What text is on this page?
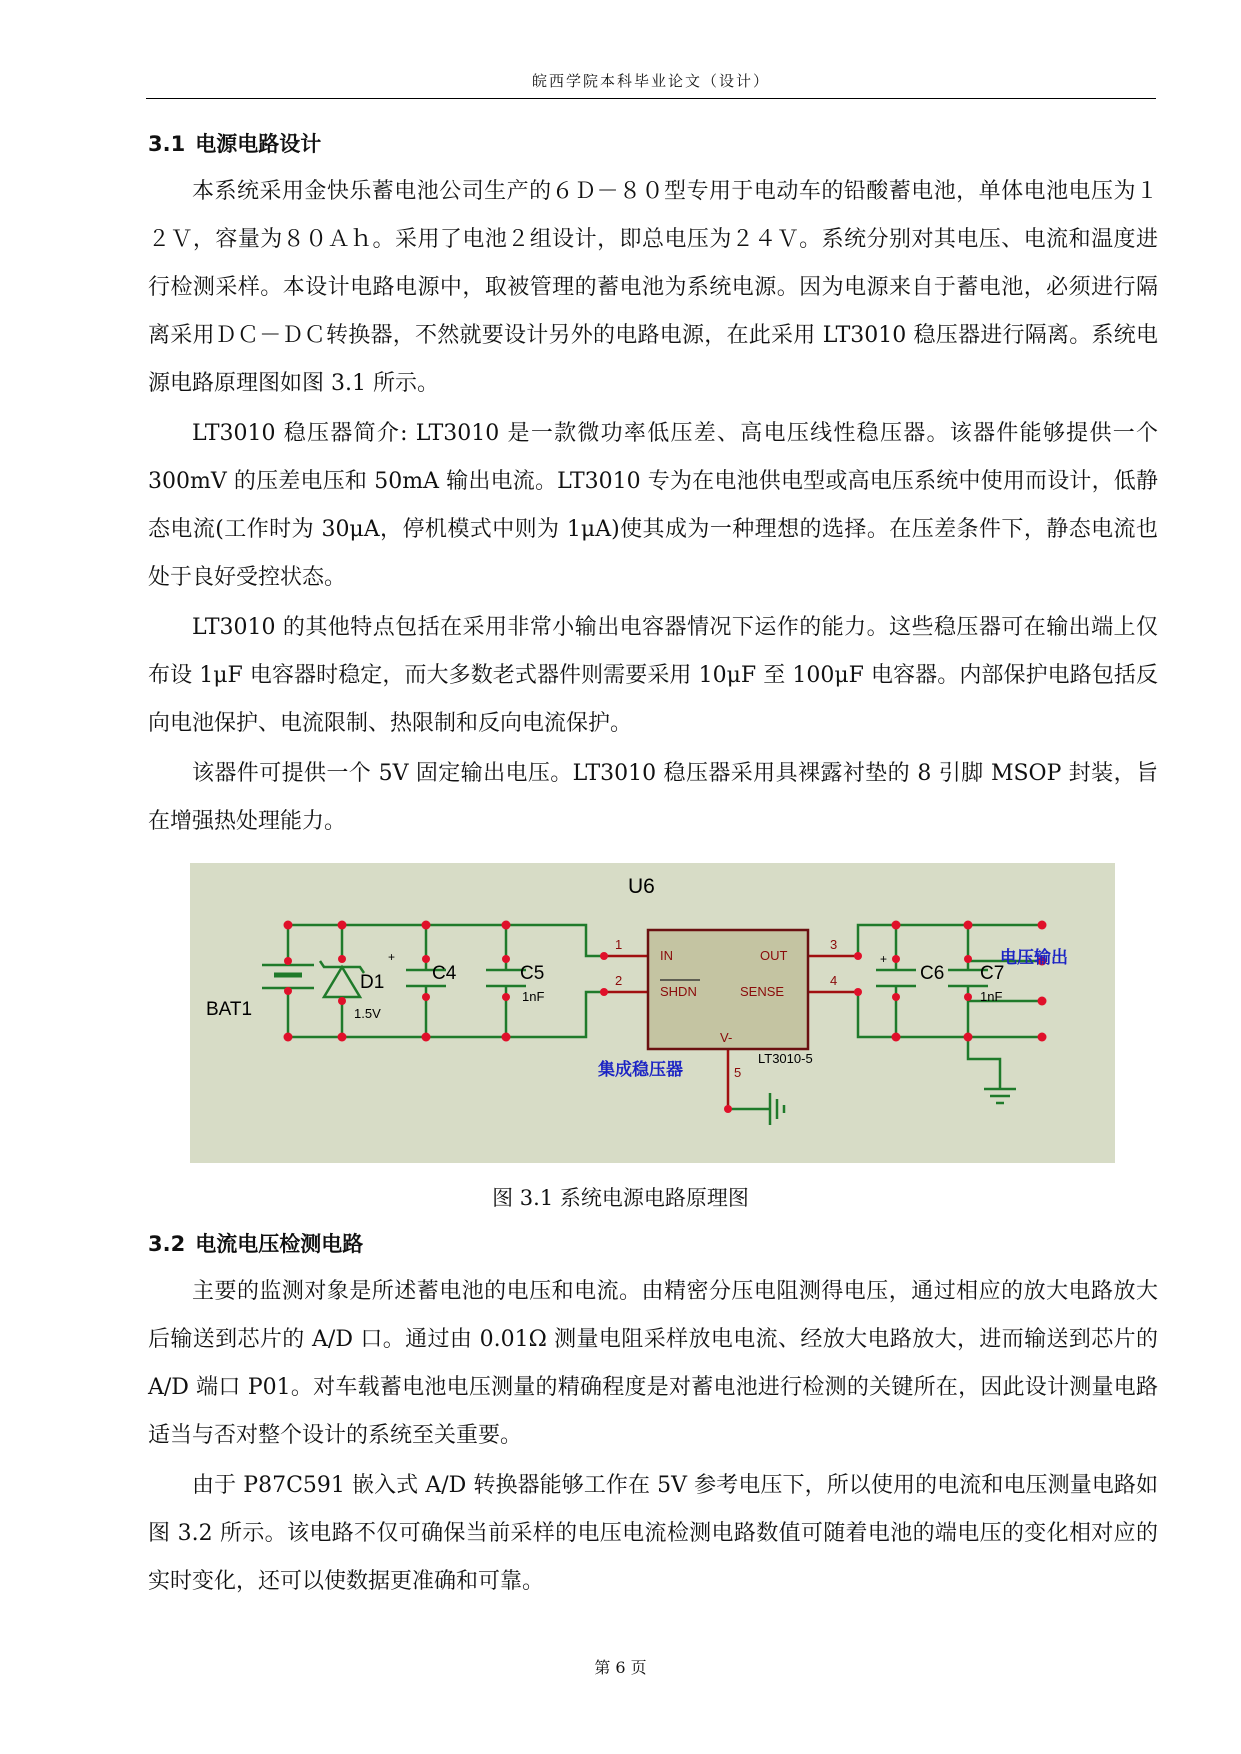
皖西学院本科毕业论文（设计）
3.1 电源电路设计
本系统采用金快乐蓄电池公司生产的６Ｄ－８０型专用于电动车的铅酸蓄电池，单体电池电压为１２Ｖ，容量为８０Ａｈ。采用了电池２组设计，即总电压为２４Ｖ。系统分别对其电压、电流和温度进行检测采样。本设计电路电源中，取被管理的蓄电池为系统电源。因为电源来自于蓄电池，必须进行隔离采用ＤＣ－ＤＣ转换器，不然就要设计另外的电路电源，在此采用 LT3010 稳压器进行隔离。系统电源电路原理图如图 3.1 所示。
LT3010 稳压器简介: LT3010 是一款微功率低压差、高电压线性稳压器。该器件能够提供一个 300mV 的压差电压和 50mA 输出电流。LT3010 专为在电池供电型或高电压系统中使用而设计，低静态电流(工作时为 30μA，停机模式中则为 1μA)使其成为一种理想的选择。在压差条件下，静态电流也处于良好受控状态。
LT3010 的其他特点包括在采用非常小输出电容器情况下运作的能力。这些稳压器可在输出端上仅布设 1μF 电容器时稳定，而大多数老式器件则需要采用 10μF 至 100μF 电容器。内部保护电路包括反向电池保护、电流限制、热限制和反向电流保护。
该器件可提供一个 5V 固定输出电压。LT3010 稳压器采用具裸露衬垫的 8 引脚 MSOP 封装，旨在增强热处理能力。
U6
BAT1
D1
1.5V
+
C4	C5
1nF
+
C6 C7
1nF
1
2
3
4
5
IN
SHDN
OUT
SENSE
V-
LT3010-5
电压输出
集成稳压器
图 3.1 系统电源电路原理图
3.2 电流电压检测电路
主要的监测对象是所述蓄电池的电压和电流。由精密分压电阻测得电压，通过相应的放大电路放大后输送到芯片的 A/D 口。通过由 0.01Ω 测量电阻采样放电电流、经放大电路放大，进而输送到芯片的 A/D 端口 P01。对车载蓄电池电压测量的精确程度是对蓄电池进行检测的关键所在，因此设计测量电路适当与否对整个设计的系统至关重要。
由于 P87C591 嵌入式 A/D 转换器能够工作在 5V 参考电压下，所以使用的电流和电压测量电路如图 3.2 所示。该电路不仅可确保当前采样的电压电流检测电路数值可随着电池的端电压的变化相对应的实时变化，还可以使数据更准确和可靠。
第 6 页
